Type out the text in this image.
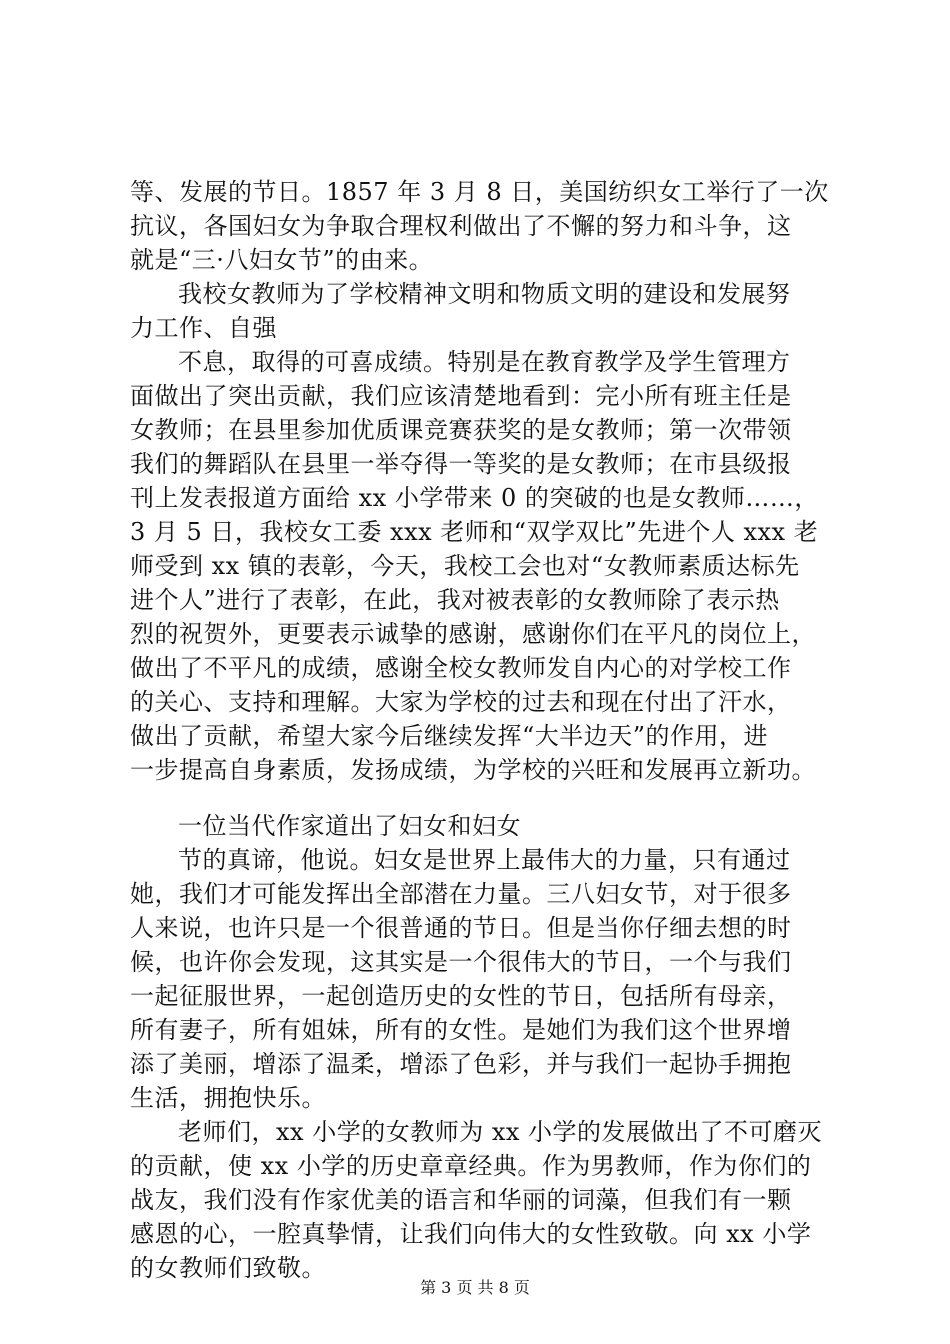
等、发展的节日。1857 年 3 月 8 日，美国纺织女工举行了一次

抗议，各国妇女为争取合理权利做出了不懈的努力和斗争，这

就是“三·八妇女节”的由来。

我校女教师为了学校精神文明和物质文明的建设和发展努

力工作、自强

不息，取得的可喜成绩。特别是在教育教学及学生管理方

面做出了突出贡献，我们应该清楚地看到：完小所有班主任是

女教师；在县里参加优质课竞赛获奖的是女教师；第一次带领

我们的舞蹈队在县里一举夺得一等奖的是女教师；在市县级报

刊上发表报道方面给 xx 小学带来 0 的突破的也是女教师……，

3 月 5 日，我校女工委 xxx 老师和“双学双比”先进个人 xxx 老

师受到 xx 镇的表彰，今天，我校工会也对“女教师素质达标先

进个人”进行了表彰，在此，我对被表彰的女教师除了表示热

烈的祝贺外，更要表示诚挚的感谢，感谢你们在平凡的岗位上，

做出了不平凡的成绩，感谢全校女教师发自内心的对学校工作

的关心、支持和理解。大家为学校的过去和现在付出了汗水，

做出了贡献，希望大家今后继续发挥“大半边天”的作用，进

一步提高自身素质，发扬成绩，为学校的兴旺和发展再立新功。

一位当代作家道出了妇女和妇女

节的真谛，他说。妇女是世界上最伟大的力量，只有通过

她，我们才可能发挥出全部潜在力量。三八妇女节，对于很多

人来说，也许只是一个很普通的节日。但是当你仔细去想的时

候，也许你会发现，这其实是一个很伟大的节日，一个与我们

一起征服世界，一起创造历史的女性的节日，包括所有母亲，

所有妻子，所有姐妹，所有的女性。是她们为我们这个世界增

添了美丽，增添了温柔，增添了色彩，并与我们一起协手拥抱

生活，拥抱快乐。

老师们，xx 小学的女教师为 xx 小学的发展做出了不可磨灭

的贡献，使 xx 小学的历史章章经典。作为男教师，作为你们的

战友，我们没有作家优美的语言和华丽的词藻，但我们有一颗

感恩的心，一腔真挚情，让我们向伟大的女性致敬。向 xx 小学

的女教师们致敬。

第 3 页 共 8 页
